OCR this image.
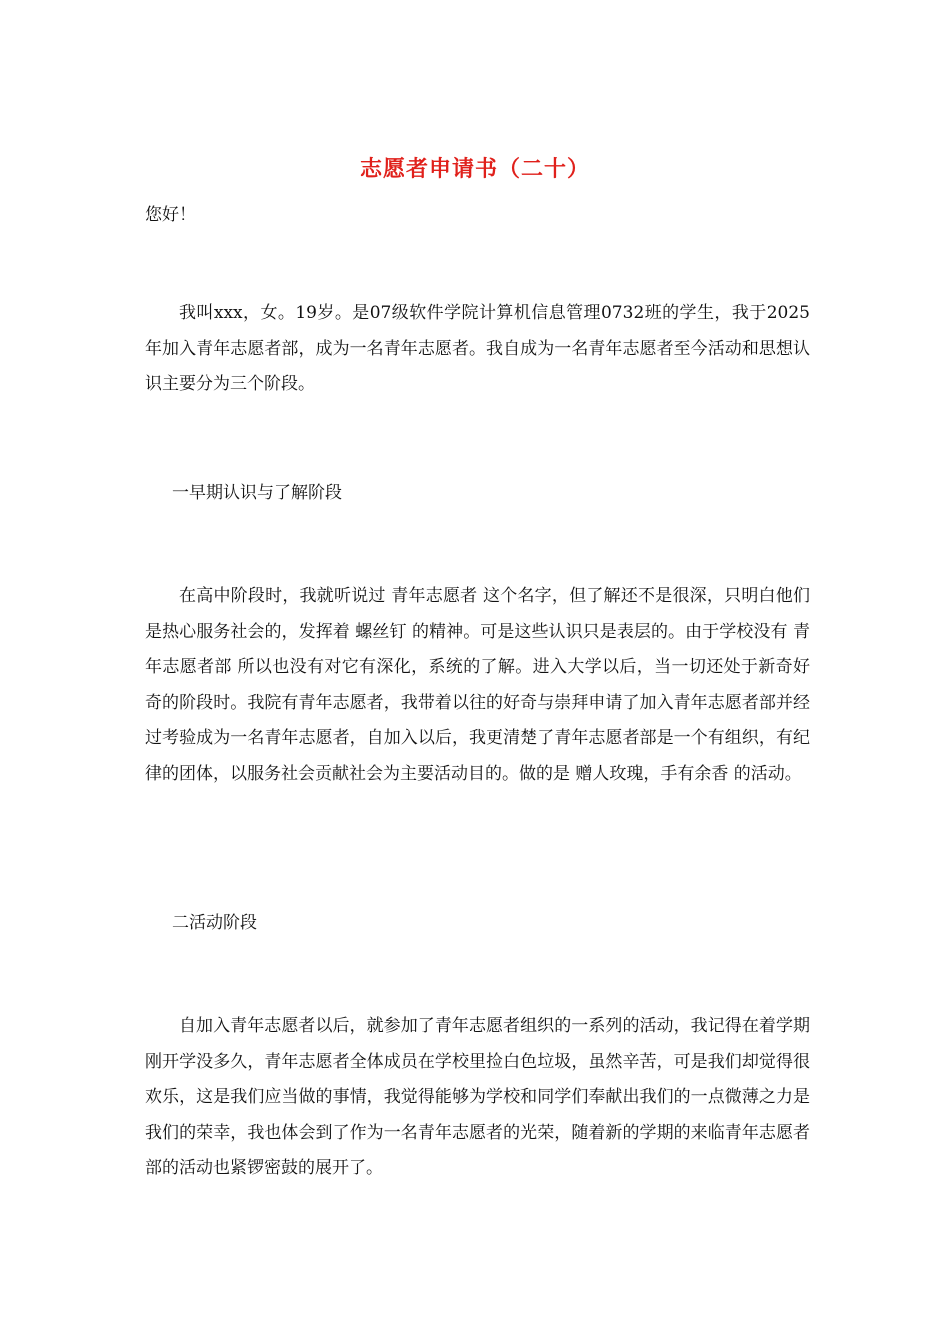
志愿者申请书（二十）
您好！

我叫xxx，女。19岁。是07级软件学院计算机信息管理0732班的学生，我于2025年加入青年志愿者部，成为一名青年志愿者。我自成为一名青年志愿者至今活动和思想认识主要分为三个阶段。

一早期认识与了解阶段

在高中阶段时，我就听说过 青年志愿者 这个名字，但了解还不是很深，只明白他们是热心服务社会的，发挥着 螺丝钉 的精神。可是这些认识只是表层的。由于学校没有 青年志愿者部 所以也没有对它有深化，系统的了解。进入大学以后，当一切还处于新奇好奇的阶段时。我院有青年志愿者，我带着以往的好奇与崇拜申请了加入青年志愿者部并经过考验成为一名青年志愿者，自加入以后，我更清楚了青年志愿者部是一个有组织，有纪律的团体，以服务社会贡献社会为主要活动目的。做的是 赠人玫瑰，手有余香 的活动。

二活动阶段

自加入青年志愿者以后，就参加了青年志愿者组织的一系列的活动，我记得在着学期刚开学没多久，青年志愿者全体成员在学校里捡白色垃圾，虽然辛苦，可是我们却觉得很欢乐，这是我们应当做的事情，我觉得能够为学校和同学们奉献出我们的一点微薄之力是我们的荣幸，我也体会到了作为一名青年志愿者的光荣，随着新的学期的来临青年志愿者部的活动也紧锣密鼓的展开了。
